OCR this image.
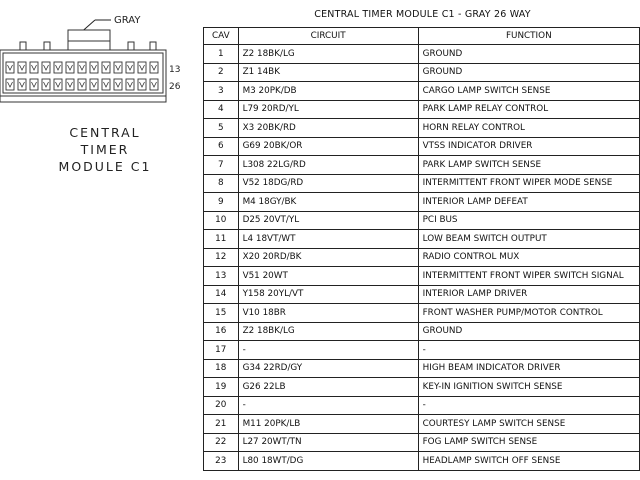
GRAY
13
26
CENTRAL
TIMER
MODULE C1
CENTRAL TIMER MODULE C1 - GRAY 26 WAY
CAV	CIRCUIT	FUNCTION
1	Z2 18BK/LG	GROUND
2	Z1 14BK	GROUND
3	M3 20PK/DB	CARGO LAMP SWITCH SENSE
4	L79 20RD/YL	PARK LAMP RELAY CONTROL
5	X3 20BK/RD	HORN RELAY CONTROL
6	G69 20BK/OR	VTSS INDICATOR DRIVER
7	L308 22LG/RD	PARK LAMP SWITCH SENSE
8	V52 18DG/RD	INTERMITTENT FRONT WIPER MODE SENSE
9	M4 18GY/BK	INTERIOR LAMP DEFEAT
10	D25 20VT/YL	PCI BUS
11	L4 18VT/WT	LOW BEAM SWITCH OUTPUT
12	X20 20RD/BK	RADIO CONTROL MUX
13	V51 20WT	INTERMITTENT FRONT WIPER SWITCH SIGNAL
14	Y158 20YL/VT	INTERIOR LAMP DRIVER
15	V10 18BR	FRONT WASHER PUMP/MOTOR CONTROL
16	Z2 18BK/LG	GROUND
17	-	-
18	G34 22RD/GY	HIGH BEAM INDICATOR DRIVER
19	G26 22LB	KEY-IN IGNITION SWITCH SENSE
20	-	-
21	M11 20PK/LB	COURTESY LAMP SWITCH SENSE
22	L27 20WT/TN	FOG LAMP SWITCH SENSE
23	L80 18WT/DG	HEADLAMP SWITCH OFF SENSE
